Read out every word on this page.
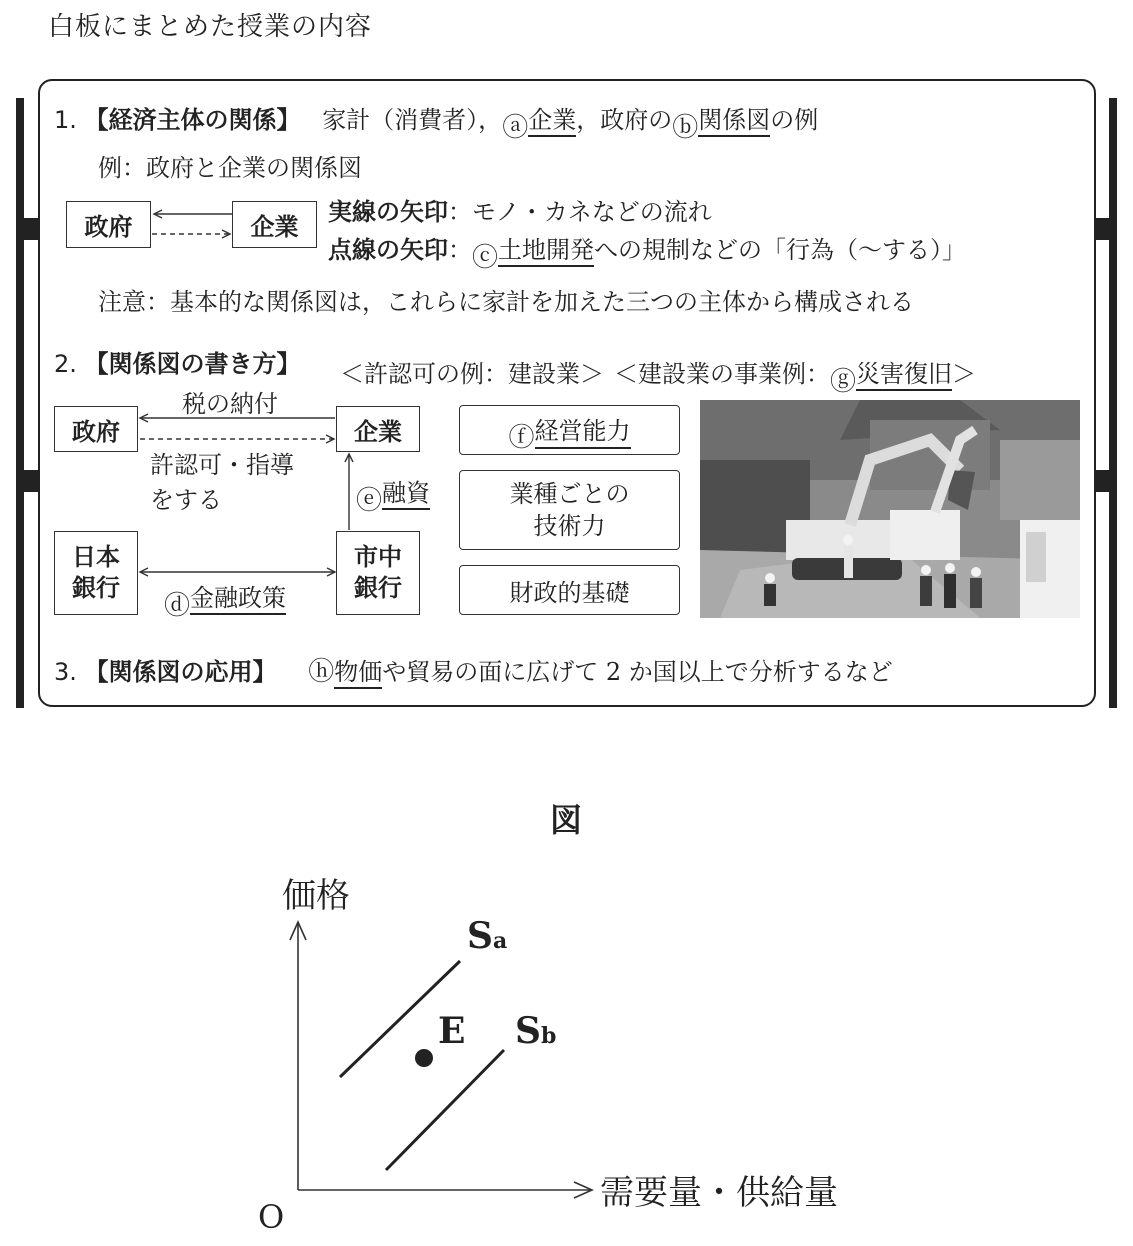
白板にまとめた授業の内容
1. 【経済主体の関係】 家計（消費者），ⓐ企業，政府のⓑ関係図の例
例：政府と企業の関係図
政府	企業
実線の矢印：モノ・カネなどの流れ
点線の矢印：ⓒ土地開発への規制などの「行為（～する）」
注意：基本的な関係図は，これらに家計を加えた三つの主体から構成される
2. 【関係図の書き方】 ＜許認可の例：建設業＞ ＜建設業の事業例：ⓖ災害復旧＞
政府	企業
日本
銀行
市中
銀行
税の納付
許認可・指導
をする	ⓔ融資
ⓓ金融政策
ⓕ 経営能力
業種ごとの
技術力
財政的基礎
3. 【関係図の応用】 ⓗ物価や貿易の面に広げて 2 か国以上で分析するなど
図
価格
需要量・供給量
O
Sa
Sb
E
